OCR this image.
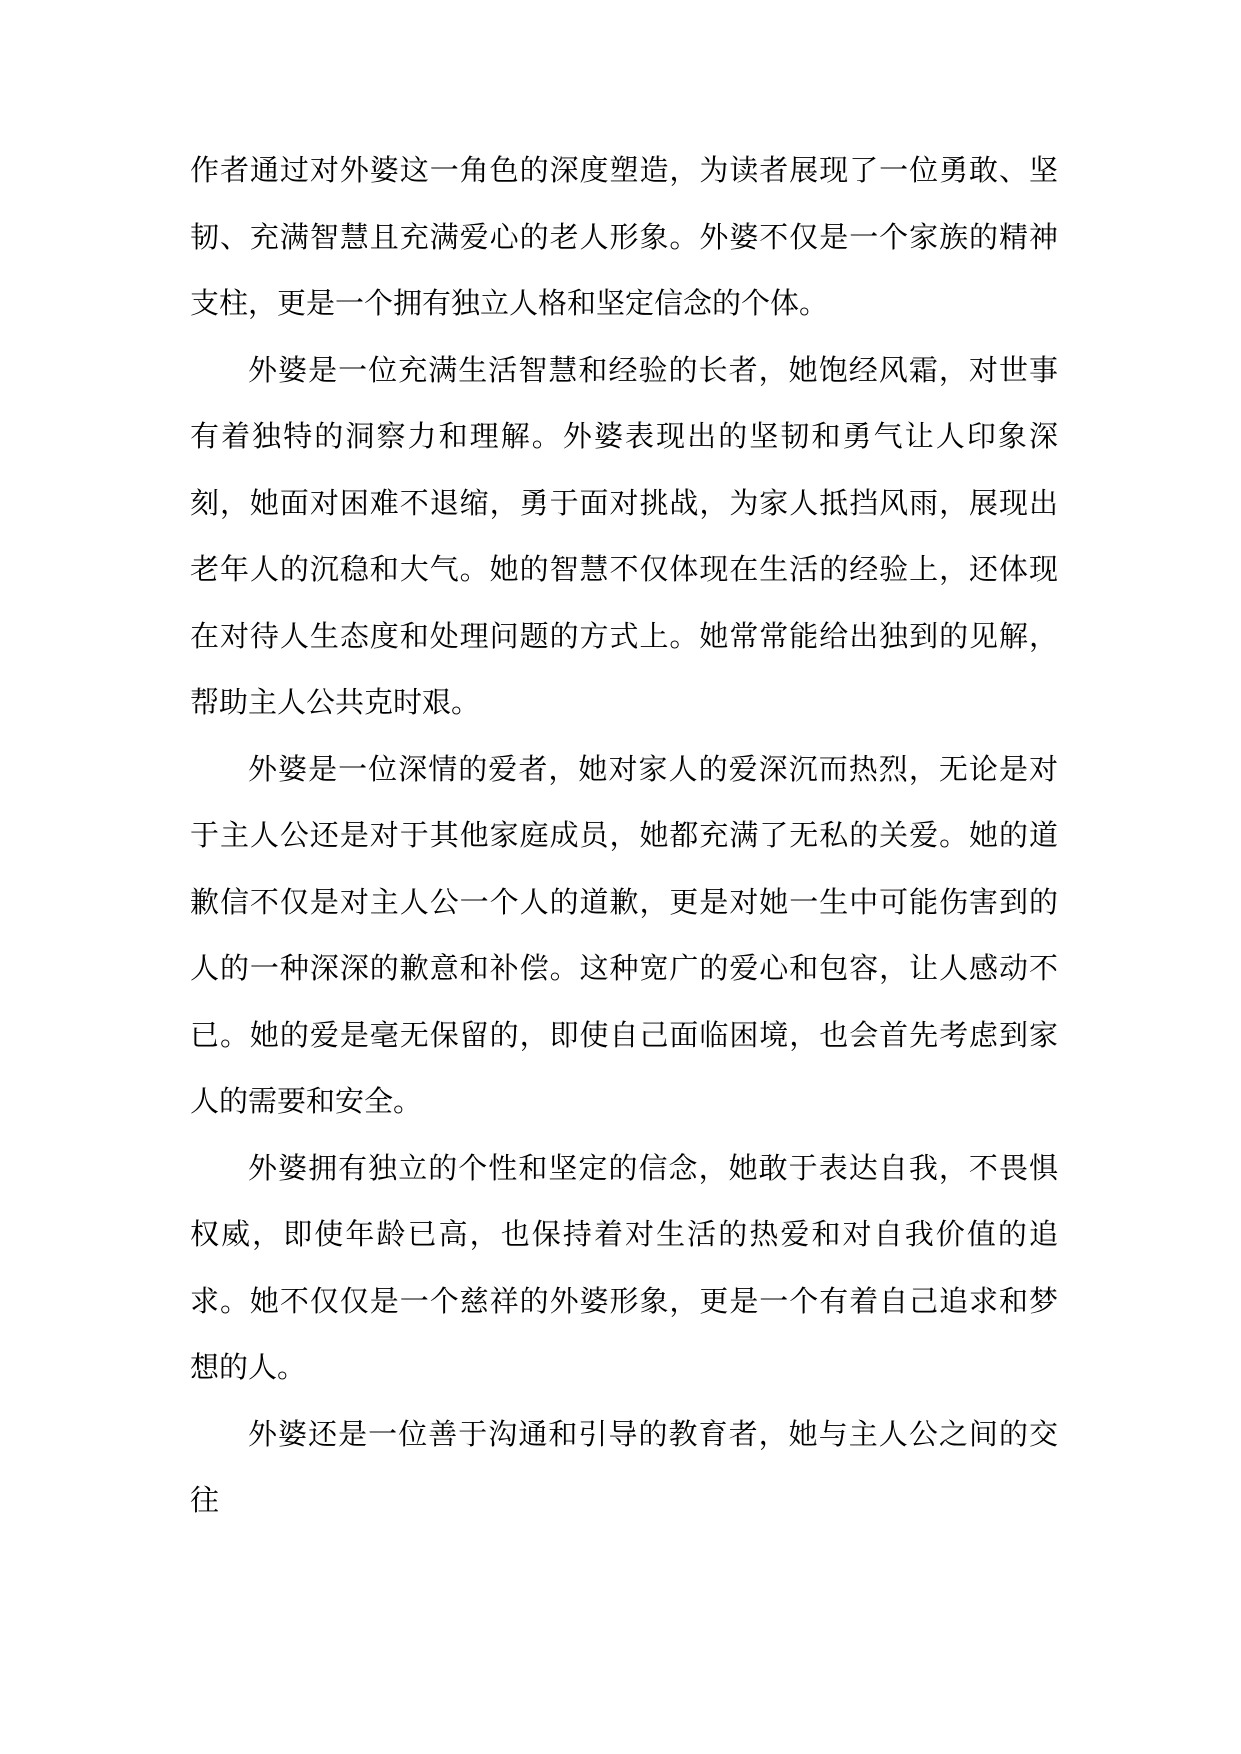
作者通过对外婆这一角色的深度塑造，为读者展现了一位勇敢、坚韧、充满智慧且充满爱心的老人形象。外婆不仅是一个家族的精神支柱，更是一个拥有独立人格和坚定信念的个体。

外婆是一位充满生活智慧和经验的长者，她饱经风霜，对世事有着独特的洞察力和理解。外婆表现出的坚韧和勇气让人印象深刻，她面对困难不退缩，勇于面对挑战，为家人抵挡风雨，展现出老年人的沉稳和大气。她的智慧不仅体现在生活的经验上，还体现在对待人生态度和处理问题的方式上。她常常能给出独到的见解，帮助主人公共克时艰。

外婆是一位深情的爱者，她对家人的爱深沉而热烈，无论是对于主人公还是对于其他家庭成员，她都充满了无私的关爱。她的道歉信不仅是对主人公一个人的道歉，更是对她一生中可能伤害到的人的一种深深的歉意和补偿。这种宽广的爱心和包容，让人感动不已。她的爱是毫无保留的，即使自己面临困境，也会首先考虑到家人的需要和安全。

外婆拥有独立的个性和坚定的信念，她敢于表达自我，不畏惧权威，即使年龄已高，也保持着对生活的热爱和对自我价值的追求。她不仅仅是一个慈祥的外婆形象，更是一个有着自己追求和梦想的人。

外婆还是一位善于沟通和引导的教育者，她与主人公之间的交往
